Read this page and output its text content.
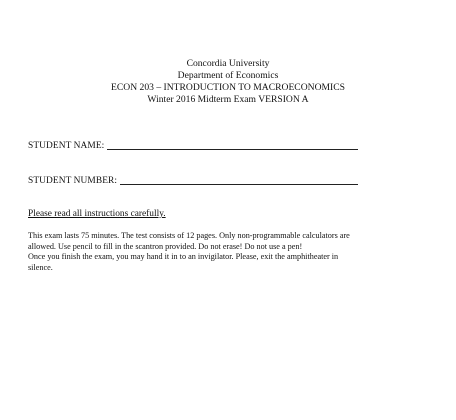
Concordia University
Department of Economics
ECON 203 – INTRODUCTION TO MACROECONOMICS
Winter 2016 Midterm Exam VERSION A
STUDENT NAME:
STUDENT NUMBER:
Please read all instructions carefully.
This exam lasts 75 minutes. The test consists of 12 pages. Only non-programmable calculators are
allowed. Use pencil to fill in the scantron provided. Do not erase! Do not use a pen!
Once you finish the exam, you may hand it in to an invigilator. Please, exit the amphitheater in
silence.
